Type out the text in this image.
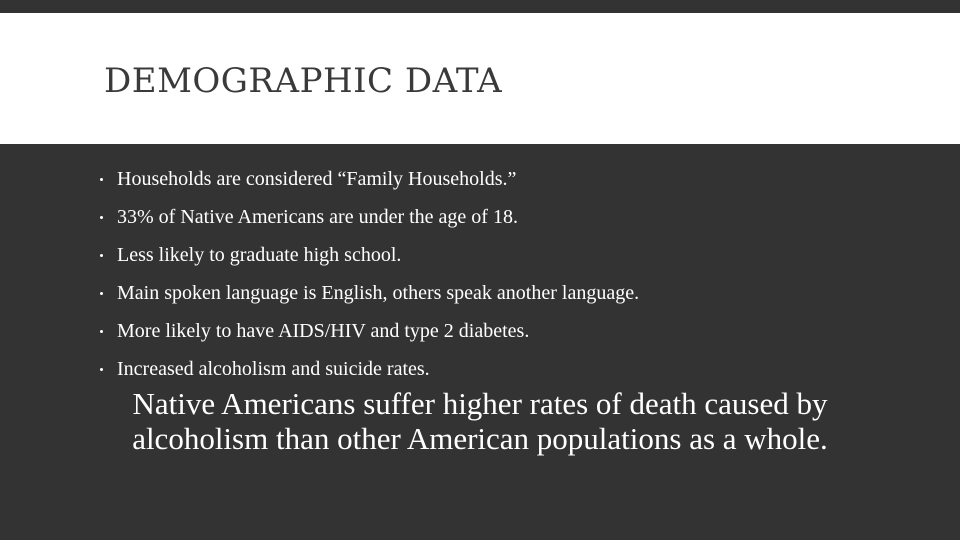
DEMOGRAPHIC DATA
Households are considered “Family Households.”
33% of Native Americans are under the age of 18.
Less likely to graduate high school.
Main spoken language is English, others speak another language.
More likely to have AIDS/HIV and type 2 diabetes.
Increased alcoholism and suicide rates.

Native Americans suffer higher rates of death caused by alcoholism than other American populations as a whole.
